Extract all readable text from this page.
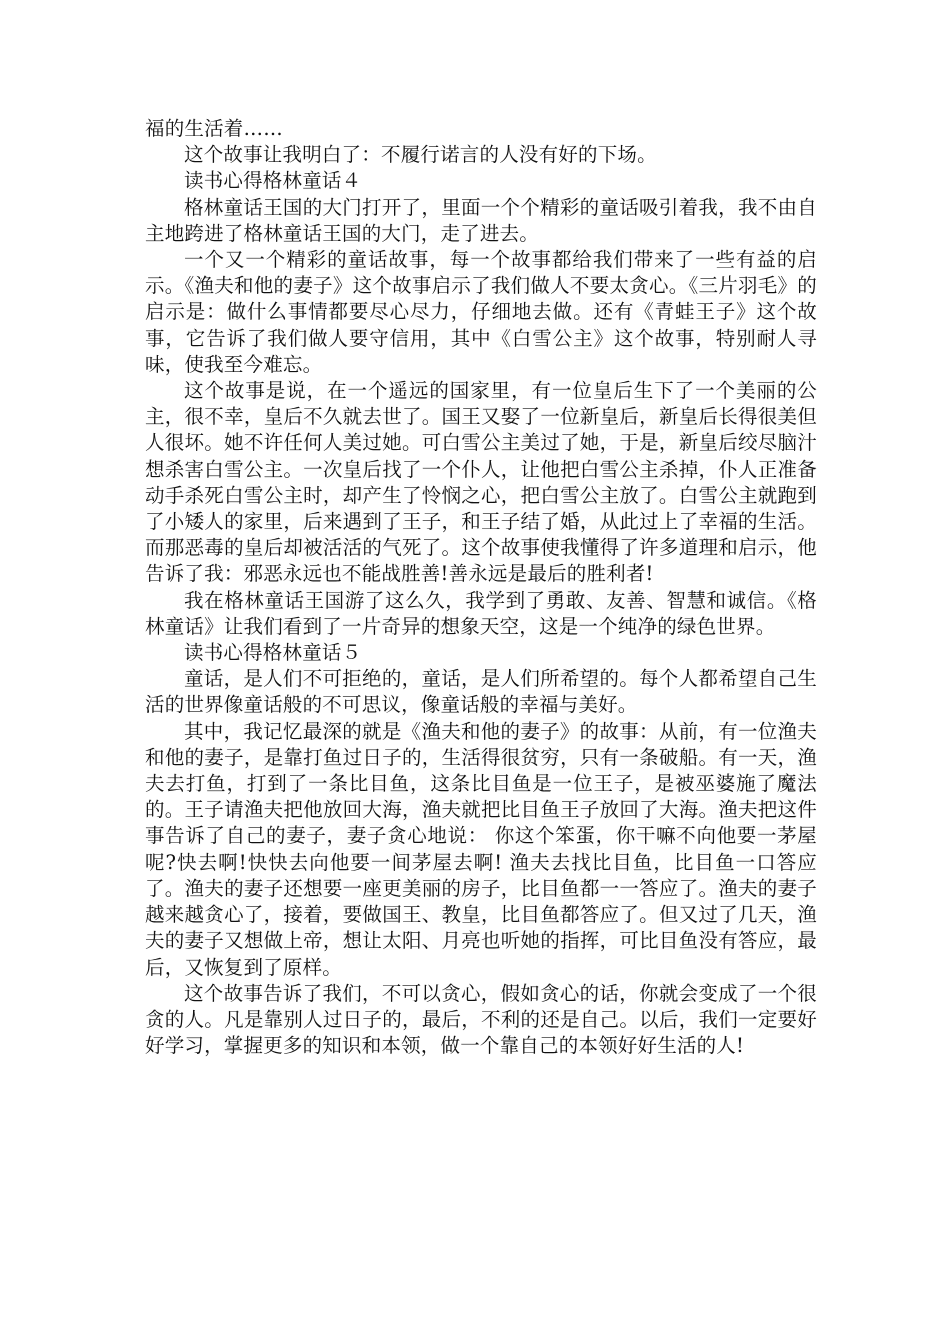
福的生活着……

这个故事让我明白了：不履行诺言的人没有好的下场。

读书心得格林童话４

格林童话王国的大门打开了，里面一个个精彩的童话吸引着我，我不由自主地跨进了格林童话王国的大门，走了进去。

一个又一个精彩的童话故事，每一个故事都给我们带来了一些有益的启示。《渔夫和他的妻子》这个故事启示了我们做人不要太贪心。《三片羽毛》的启示是：做什么事情都要尽心尽力，仔细地去做。还有《青蛙王子》这个故事，它告诉了我们做人要守信用，其中《白雪公主》这个故事，特别耐人寻味，使我至今难忘。

这个故事是说，在一个遥远的国家里，有一位皇后生下了一个美丽的公主，很不幸，皇后不久就去世了。国王又娶了一位新皇后，新皇后长得很美但人很坏。她不许任何人美过她。可白雪公主美过了她，于是，新皇后绞尽脑汁想杀害白雪公主。一次皇后找了一个仆人，让他把白雪公主杀掉，仆人正准备动手杀死白雪公主时，却产生了怜悯之心，把白雪公主放了。白雪公主就跑到了小矮人的家里，后来遇到了王子，和王子结了婚，从此过上了幸福的生活。而那恶毒的皇后却被活活的气死了。这个故事使我懂得了许多道理和启示，他告诉了我：邪恶永远也不能战胜善!善永远是最后的胜利者!

我在格林童话王国游了这么久，我学到了勇敢、友善、智慧和诚信。《格林童话》让我们看到了一片奇异的想象天空，这是一个纯净的绿色世界。

读书心得格林童话５

童话，是人们不可拒绝的，童话，是人们所希望的。每个人都希望自己生活的世界像童话般的不可思议，像童话般的幸福与美好。

其中，我记忆最深的就是《渔夫和他的妻子》的故事：从前，有一位渔夫和他的妻子，是靠打鱼过日子的，生活得很贫穷，只有一条破船。有一天，渔夫去打鱼，打到了一条比目鱼，这条比目鱼是一位王子，是被巫婆施了魔法的。王子请渔夫把他放回大海，渔夫就把比目鱼王子放回了大海。渔夫把这件事告诉了自己的妻子，妻子贪心地说： 你这个笨蛋，你干嘛不向他要一茅屋呢?快去啊!快快去向他要一间茅屋去啊! 渔夫去找比目鱼，比目鱼一口答应了。渔夫的妻子还想要一座更美丽的房子，比目鱼都一一答应了。渔夫的妻子越来越贪心了，接着，要做国王、教皇，比目鱼都答应了。但又过了几天，渔夫的妻子又想做上帝，想让太阳、月亮也听她的指挥，可比目鱼没有答应，最后，又恢复到了原样。

这个故事告诉了我们，不可以贪心，假如贪心的话，你就会变成了一个很贪的人。凡是靠别人过日子的，最后，不利的还是自己。以后，我们一定要好好学习，掌握更多的知识和本领，做一个靠自己的本领好好生活的人!
